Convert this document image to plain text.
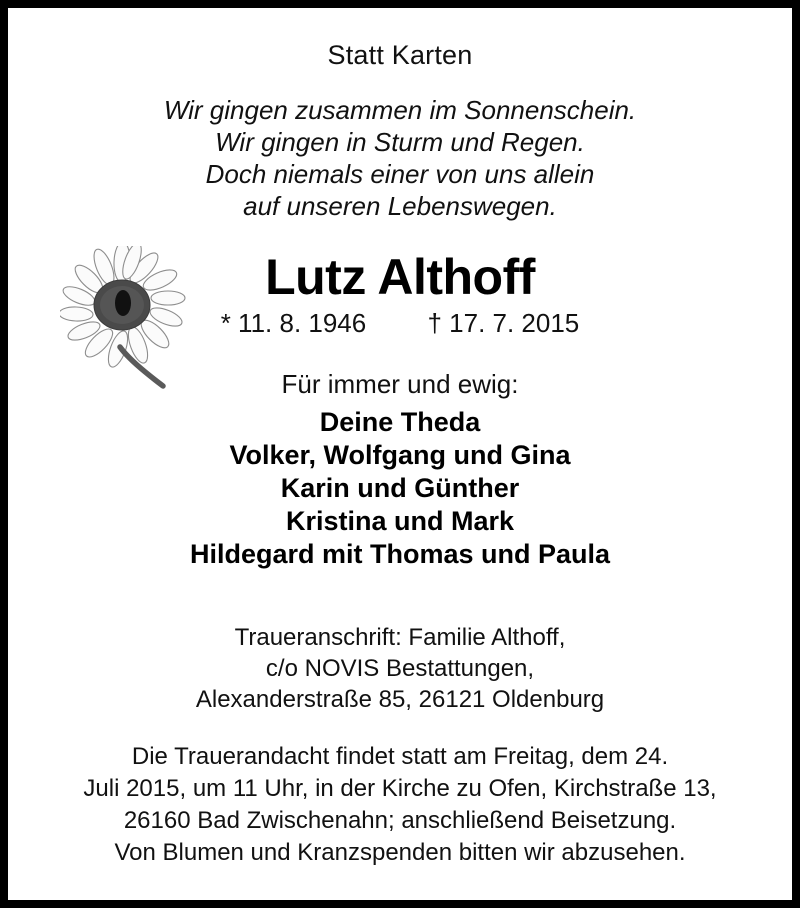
Statt Karten
Wir gingen zusammen im Sonnenschein.
Wir gingen in Sturm und Regen.
Doch niemals einer von uns allein
auf unseren Lebenswegen.
Lutz Althoff
* 11. 8. 1946 † 17. 7. 2015
Für immer und ewig:
Deine Theda
Volker, Wolfgang und Gina
Karin und Günther
Kristina und Mark
Hildegard mit Thomas und Paula
Traueranschrift: Familie Althoff,
c/o NOVIS Bestattungen,
Alexanderstraße 85, 26121 Oldenburg
Die Trauerandacht findet statt am Freitag, dem 24.
Juli 2015, um 11 Uhr, in der Kirche zu Ofen, Kirchstraße 13,
26160 Bad Zwischenahn; anschließend Beisetzung.
Von Blumen und Kranzspenden bitten wir abzusehen.
